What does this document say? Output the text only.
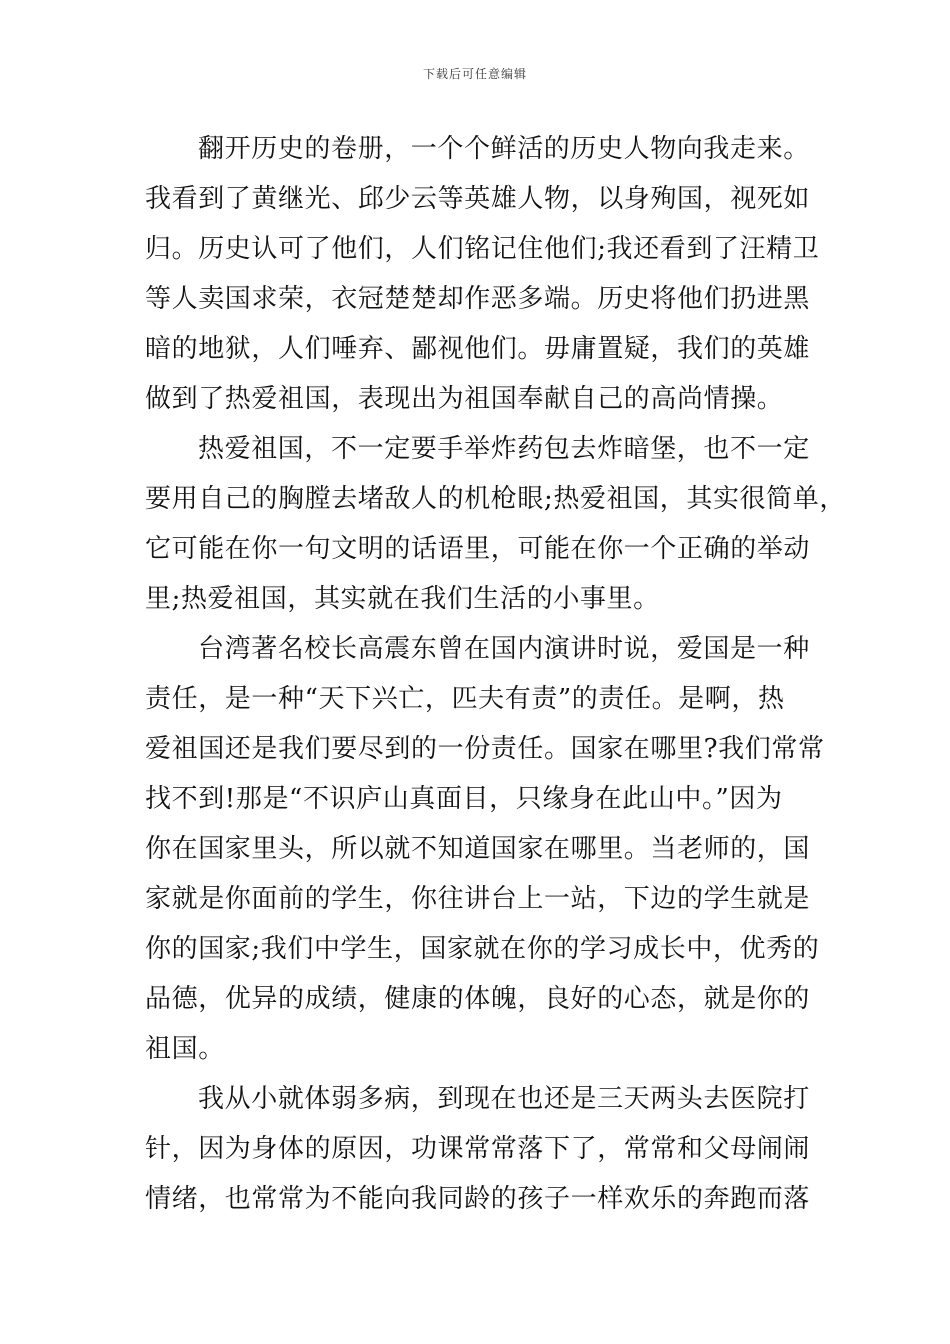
下载后可任意编辑
翻开历史的卷册，一个个鲜活的历史人物向我走来。
我看到了黄继光、邱少云等英雄人物，以身殉国，视死如
归。历史认可了他们，人们铭记住他们;我还看到了汪精卫
等人卖国求荣，衣冠楚楚却作恶多端。历史将他们扔进黑
暗的地狱，人们唾弃、鄙视他们。毋庸置疑，我们的英雄
做到了热爱祖国，表现出为祖国奉献自己的高尚情操。
热爱祖国，不一定要手举炸药包去炸暗堡，也不一定
要用自己的胸膛去堵敌人的机枪眼;热爱祖国，其实很简单，
它可能在你一句文明的话语里，可能在你一个正确的举动
里;热爱祖国，其实就在我们生活的小事里。
台湾著名校长高震东曾在国内演讲时说，爱国是一种
责任，是一种“天下兴亡，匹夫有责”的责任。是啊，热
爱祖国还是我们要尽到的一份责任。国家在哪里?我们常常
找不到!那是“不识庐山真面目，只缘身在此山中。”因为
你在国家里头，所以就不知道国家在哪里。当老师的，国
家就是你面前的学生，你往讲台上一站，下边的学生就是
你的国家;我们中学生，国家就在你的学习成长中，优秀的
品德，优异的成绩，健康的体魄，良好的心态，就是你的
祖国。
我从小就体弱多病，到现在也还是三天两头去医院打
针，因为身体的原因，功课常常落下了，常常和父母闹闹
情绪，也常常为不能向我同龄的孩子一样欢乐的奔跑而落
